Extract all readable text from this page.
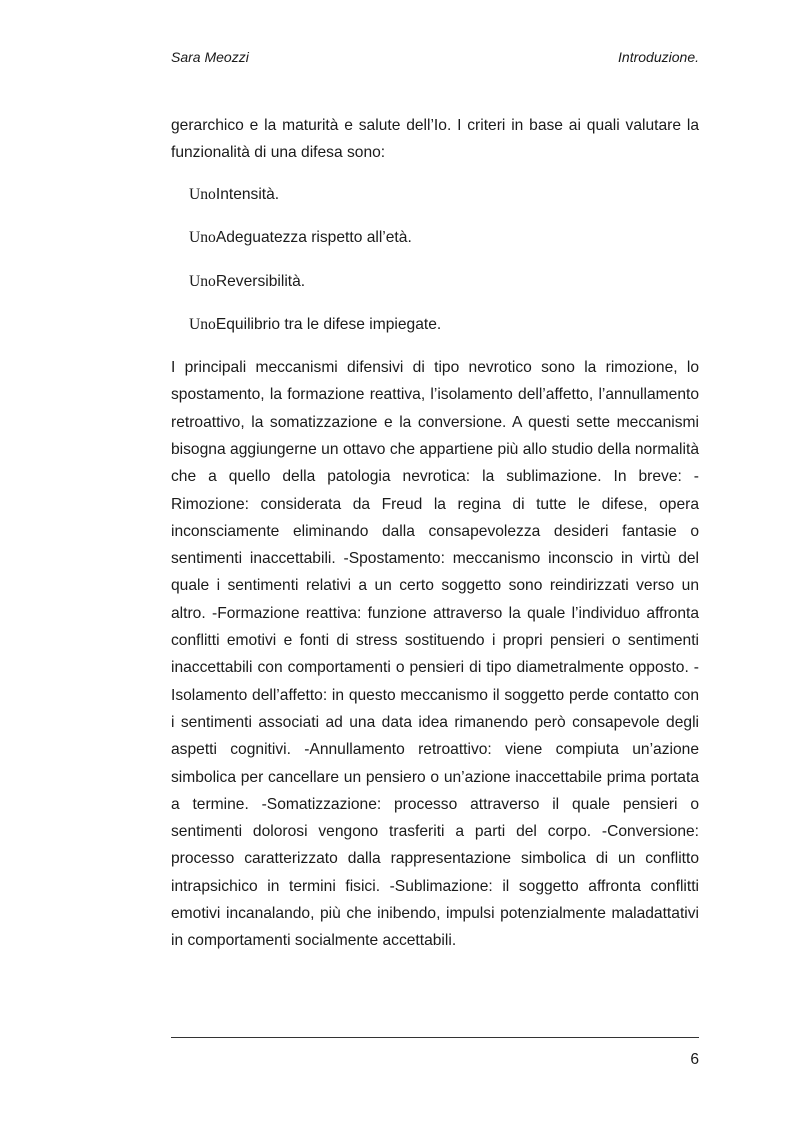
Sara Meozzi	Introduzione.

gerarchico e la maturità e salute dell’Io. I criteri in base ai quali valutare la funzionalità di una difesa sono:

UnoIntensità.
UnoAdeguatezza rispetto all’età.
UnoReversibilità.
UnoEquilibrio tra le difese impiegate.

I principali meccanismi difensivi di tipo nevrotico sono la rimozione, lo spostamento, la formazione reattiva, l’isolamento dell’affetto, l’annullamento retroattivo, la somatizzazione e la conversione. A questi sette meccanismi bisogna aggiungerne un ottavo che appartiene più allo studio della normalità che a quello della patologia nevrotica: la sublimazione. In breve: -Rimozione: considerata da Freud la regina di tutte le difese, opera inconsciamente eliminando dalla consapevolezza desideri fantasie o sentimenti inaccettabili. -Spostamento: meccanismo inconscio in virtù del quale i sentimenti relativi a un certo soggetto sono reindirizzati verso un altro. -Formazione reattiva: funzione attraverso la quale l’individuo affronta conflitti emotivi e fonti di stress sostituendo i propri pensieri o sentimenti inaccettabili con comportamenti o pensieri di tipo diametralmente opposto. -Isolamento dell’affetto: in questo meccanismo il soggetto perde contatto con i sentimenti associati ad una data idea rimanendo però consapevole degli aspetti cognitivi. -Annullamento retroattivo: viene compiuta un’azione simbolica per cancellare un pensiero o un’azione inaccettabile prima portata a termine. -Somatizzazione: processo attraverso il quale pensieri o sentimenti dolorosi vengono trasferiti a parti del corpo. -Conversione: processo caratterizzato dalla rappresentazione simbolica di un conflitto intrapsichico in termini fisici. -Sublimazione: il soggetto affronta conflitti emotivi incanalando, più che inibendo, impulsi potenzialmente maladattativi in comportamenti socialmente accettabili.

6
